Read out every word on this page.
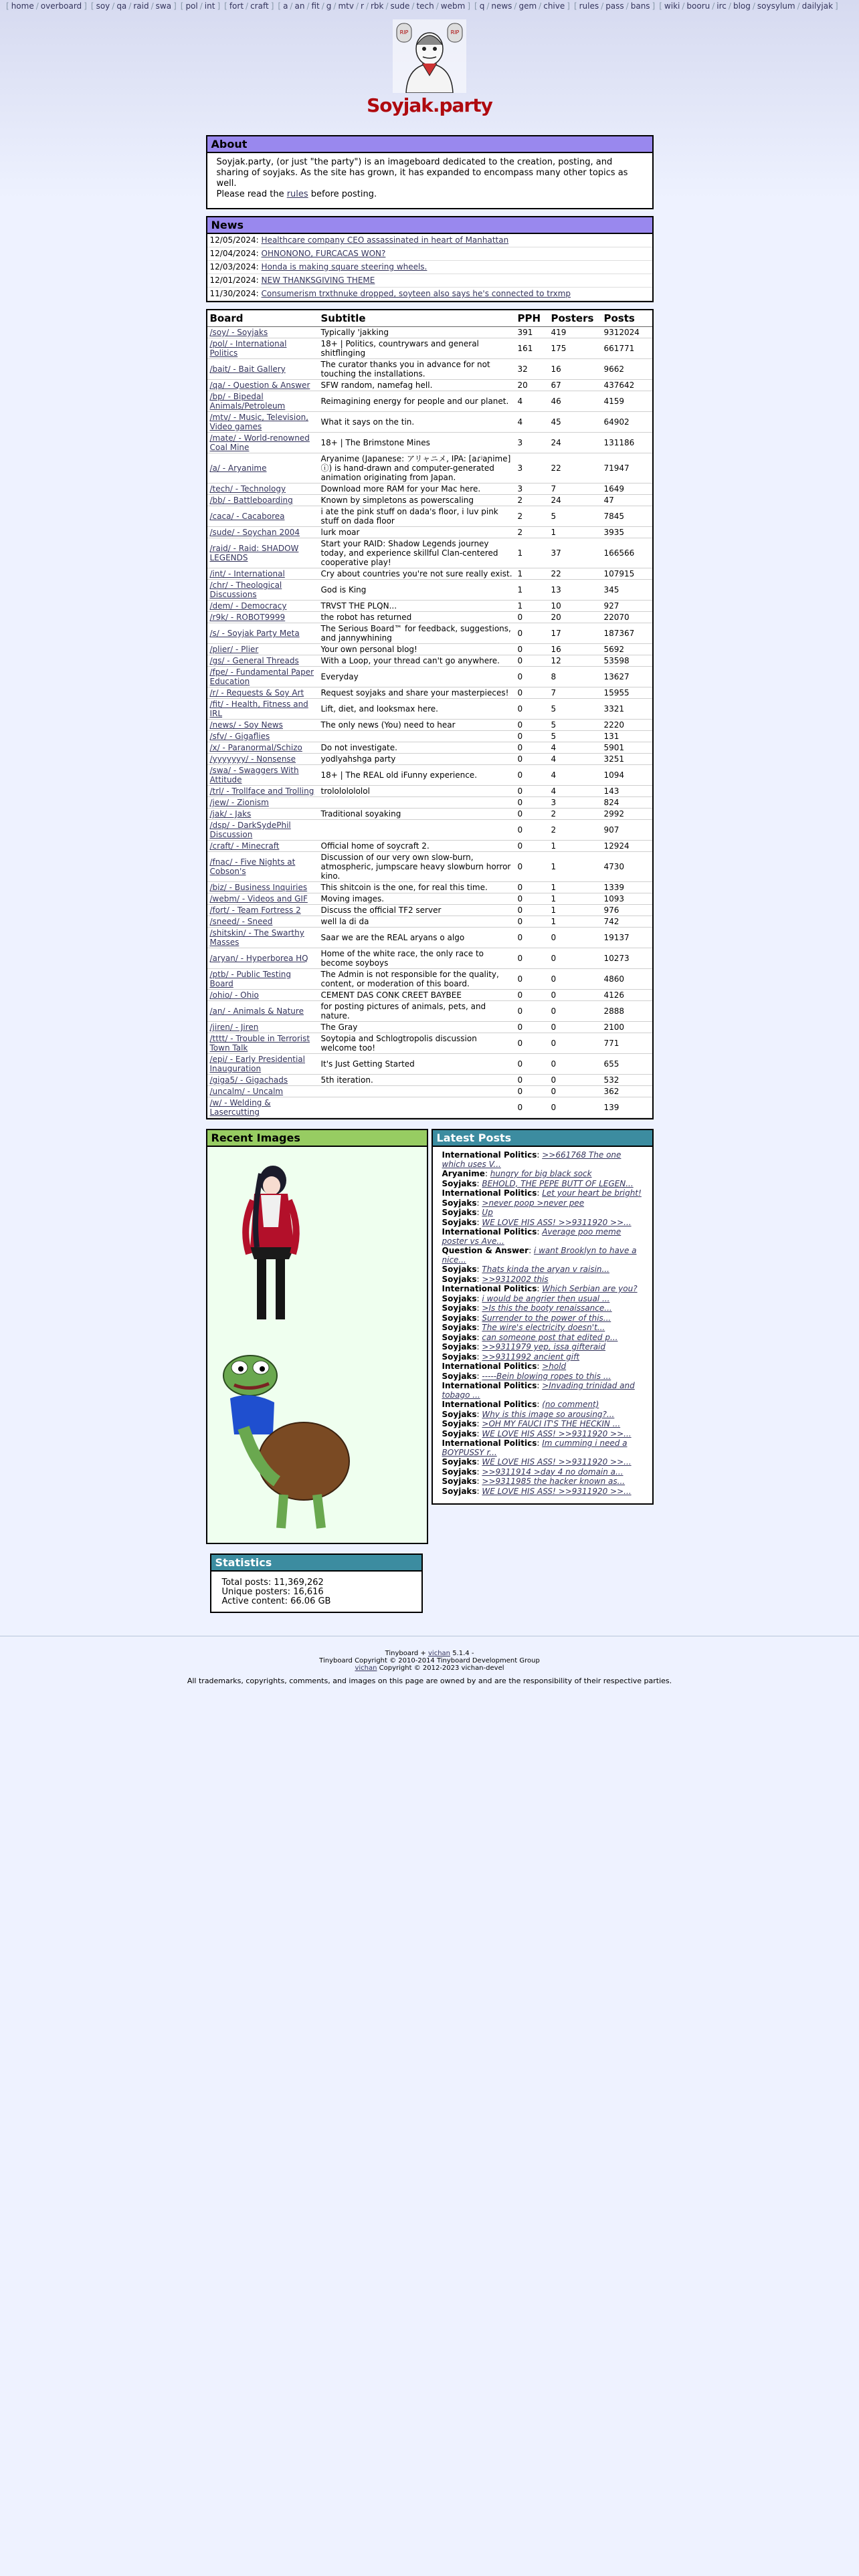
[ home / overboard ] [ soy / qa / raid / swa ] [ pol / int ] [ fort / craft ] [ a / an / fit / g / mtv / r / rbk / sude / tech / webm ] [ q / news / gem / chive ] [ rules / pass / bans ] [ wiki / booru / irc / blog / soysylum / dailyjak ]
RIP	RIP
Soyjak.party
About

Soyjak.party, (or just "the party") is an imageboard dedicated to the creation, posting, and sharing of soyjaks. As the site has grown, it has expanded to encompass many other topics as well.

Please read the rules before posting.

News
12/05/2024: Healthcare company CEO assassinated in heart of Manhattan
12/04/2024: OHNONONO, FURCACAS WON?
12/03/2024: Honda is making square steering wheels.
12/01/2024: NEW THANKSGIVING THEME
11/30/2024: Consumerism trxthnuke dropped, soyteen also says he's connected to trxmp
Board	Subtitle	PPH	Posters	Posts
/soy/ - Soyjaks	Typically 'jakking	391	419	9312024
/pol/ - International Politics	18+ | Politics, countrywars and general shitflinging	161	175	661771
/bait/ - Bait Gallery	The curator thanks you in advance for not touching the installations.	32	16	9662
/qa/ - Question & Answer	SFW random, namefag hell.	20	67	437642
/bp/ - Bipedal Animals/Petroleum	Reimagining energy for people and our planet.	4	46	4159
/mtv/ - Music, Television, Video games	What it says on the tin.	4	45	64902
/mate/ - World-renowned Coal Mine	18+ | The Brimstone Mines	3	24	131186
/a/ - Aryanime	Aryanime (Japanese: アリャニメ, IPA: [aɾʲaɲime] ⓘ) is hand-drawn and computer-generated animation originating from Japan.	3	22	71947
/tech/ - Technology	Download more RAM for your Mac here.	3	7	1649
/bb/ - Battleboarding	Known by simpletons as powerscaling	2	24	47
/caca/ - Cacaborea	i ate the pink stuff on dada's floor, i luv pink stuff on dada floor	2	5	7845
/sude/ - Soychan 2004	lurk moar	2	1	3935
/raid/ - Raid: SHADOW LEGENDS	Start your RAID: Shadow Legends journey today, and experience skillful Clan-centered cooperative play!	1	37	166566
/int/ - International	Cry about countries you're not sure really exist.	1	22	107915
/chr/ - Theological Discussions	God is King	1	13	345
/dem/ - Democracy	TRVST THE PLQN...	1	10	927
/r9k/ - ROBOT9999	the robot has returned	0	20	22070
/s/ - Soyjak Party Meta	The Serious Board™ for feedback, suggestions, and jannywhining	0	17	187367
/plier/ - Plier	Your own personal blog!	0	16	5692
/gs/ - General Threads	With a Loop, your thread can't go anywhere.	0	12	53598
/fpe/ - Fundamental Paper Education	Everyday	0	8	13627
/r/ - Requests & Soy Art	Request soyjaks and share your masterpieces!	0	7	15955
/fit/ - Health, Fitness and IRL	Lift, diet, and looksmax here.	0	5	3321
/news/ - Soy News	The only news (You) need to hear	0	5	2220
/sfv/ - Gigaflies		0	5	131
/x/ - Paranormal/Schizo	Do not investigate.	0	4	5901
/yyyyyyy/ - Nonsense	yodlyahshga party	0	4	3251
/swa/ - Swaggers With Attitude	18+ | The REAL old iFunny experience.	0	4	1094
/trl/ - Trollface and Trolling	trolololololol	0	4	143
/jew/ - Zionism		0	3	824
/jak/ - Jaks	Traditional soyaking	0	2	2992
/dsp/ - DarkSydePhil Discussion		0	2	907
/craft/ - Minecraft	Official home of soycraft 2.	0	1	12924
/fnac/ - Five Nights at Cobson's	Discussion of our very own slow-burn, atmospheric, jumpscare heavy slowburn horror kino.	0	1	4730
/biz/ - Business Inquiries	This shitcoin is the one, for real this time.	0	1	1339
/webm/ - Videos and GIF	Moving images.	0	1	1093
/fort/ - Team Fortress 2	Discuss the official TF2 server	0	1	976
/sneed/ - Sneed	well la di da	0	1	742
/shitskin/ - The Swarthy Masses	Saar we are the REAL aryans o algo	0	0	19137
/aryan/ - Hyperborea HQ	Home of the white race, the only race to become soyboys	0	0	10273
/ptb/ - Public Testing Board	The Admin is not responsible for the quality, content, or moderation of this board.	0	0	4860
/ohio/ - Ohio	CEMENT DAS CONK CREET BAYBEE	0	0	4126
/an/ - Animals & Nature	for posting pictures of animals, pets, and nature.	0	0	2888
/jiren/ - Jiren	The Gray	0	0	2100
/tttt/ - Trouble in Terrorist Town Talk	Soytopia and Schlogtropolis discussion welcome too!	0	0	771
/epi/ - Early Presidential Inauguration	It's Just Getting Started	0	0	655
/giga5/ - Gigachads	5th iteration.	0	0	532
/uncalm/ - Uncalm		0	0	362
/w/ - Welding & Lasercutting		0	0	139
Recent Images
Statistics
Total posts: 11,369,262
Unique posters: 16,616
Active content: 66.06 GB
Latest Posts
International Politics: >>661768 The one which uses V...
Aryanime: hungry for big black sock
Soyjaks: BEHOLD, THE PEPE BUTT OF LEGEN...
International Politics: Let your heart be bright!
Soyjaks: >never poop >never pee
Soyjaks: Up
Soyjaks: WE LOVE HIS ASS! >>9311920 >>...
International Politics: Average poo meme poster vs Ave...
Question & Answer: i want Brooklyn to have a nice...
Soyjaks: Thats kinda the aryan v raisin...
Soyjaks: >>9312002 this
International Politics: Which Serbian are you?
Soyjaks: i would be angrier then usual ...
Soyjaks: >Is this the booty renaissance...
Soyjaks: Surrender to the power of this...
Soyjaks: The wire's electricity doesn't...
Soyjaks: can someone post that edited p...
Soyjaks: >>9311979 yep, issa gifteraid
Soyjaks: >>9311992 ancient gift
International Politics: >hold
Soyjaks: -----Bein blowing ropes to this ...
International Politics: >Invading trinidad and tobago ...
International Politics: (no comment)
Soyjaks: Why is this image so arousing?...
Soyjaks: >OH MY FAUCI IT'S THE HECKIN ...
Soyjaks: WE LOVE HIS ASS! >>9311920 >>...
International Politics: Im cumming i need a BOYPUSSY r...
Soyjaks: WE LOVE HIS ASS! >>9311920 >>...
Soyjaks: >>9311914 >day 4 no domain a...
Soyjaks: >>9311985 the hacker known as...
Soyjaks: WE LOVE HIS ASS! >>9311920 >>...
Tinyboard + vichan 5.1.4 -
Tinyboard Copyright © 2010-2014 Tinyboard Development Group
vichan Copyright © 2012-2023 vichan-devel
All trademarks, copyrights, comments, and images on this page are owned by and are the responsibility of their respective parties.
